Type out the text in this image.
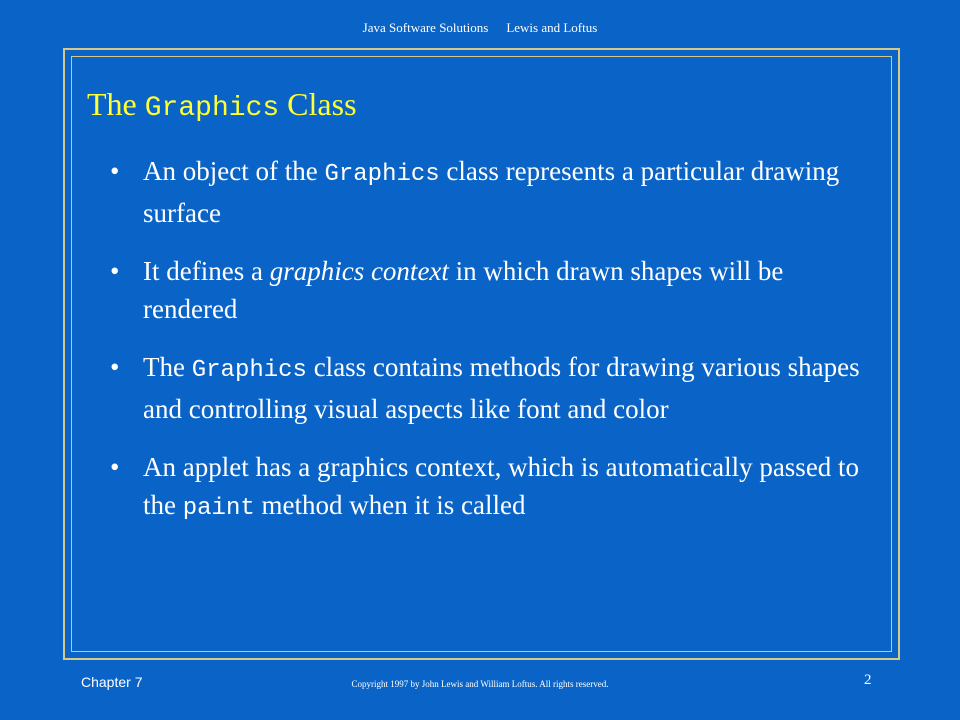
Java Software Solutions Lewis and Loftus
The Graphics Class
• An object of the Graphics class represents a particular drawing surface
• It defines a graphics context in which drawn shapes will be rendered
• The Graphics class contains methods for drawing various shapes and controlling visual aspects like font and color
• An applet has a graphics context, which is automatically passed to the paint method when it is called
Chapter 7	Copyright 1997 by John Lewis and William Loftus. All rights reserved.	2
